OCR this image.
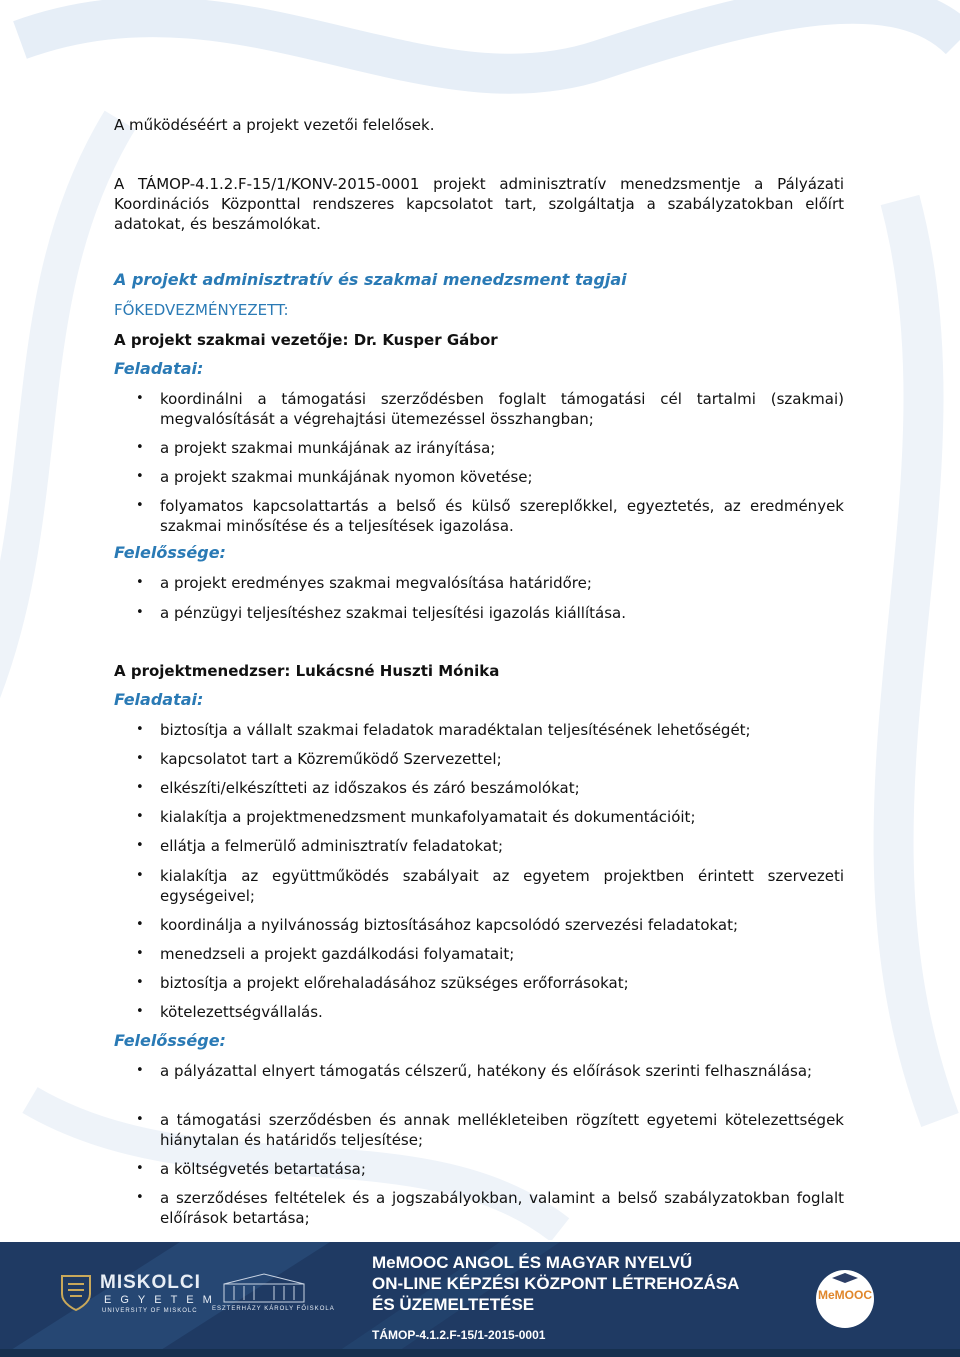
A működéséért a projekt vezetői felelősek.

A TÁMOP-4.1.2.F-15/1/KONV-2015-0001 projekt adminisztratív menedzsmentje a Pályázati Koordinációs Központtal rendszeres kapcsolatot tart, szolgáltatja a szabályzatokban előírt adatokat, és beszámolókat.

A projekt adminisztratív és szakmai menedzsment tagjai

FŐKEDVEZMÉNYEZETT:

A projekt szakmai vezetője: Dr. Kusper Gábor

Feladatai:

• koordinálni a támogatási szerződésben foglalt támogatási cél tartalmi (szakmai) megvalósítását a végrehajtási ütemezéssel összhangban;
• a projekt szakmai munkájának az irányítása;
• a projekt szakmai munkájának nyomon követése;
• folyamatos kapcsolattartás a belső és külső szereplőkkel, egyeztetés, az eredmények szakmai minősítése és a teljesítések igazolása.

Felelőssége:

• a projekt eredményes szakmai megvalósítása határidőre;
• a pénzügyi teljesítéshez szakmai teljesítési igazolás kiállítása.

A projektmenedzser: Lukácsné Huszti Mónika

Feladatai:

• biztosítja a vállalt szakmai feladatok maradéktalan teljesítésének lehetőségét;
• kapcsolatot tart a Közreműködő Szervezettel;
• elkészíti/elkészítteti az időszakos és záró beszámolókat;
• kialakítja a projektmenedzsment munkafolyamatait és dokumentációit;
• ellátja a felmerülő adminisztratív feladatokat;
• kialakítja az együttműködés szabályait az egyetem projektben érintett szervezeti egységeivel;
• koordinálja a nyilvánosság biztosításához kapcsolódó szervezési feladatokat;
• menedzseli a projekt gazdálkodási folyamatait;
• biztosítja a projekt előrehaladásához szükséges erőforrásokat;
• kötelezettségvállalás.

Felelőssége:

• a pályázattal elnyert támogatás célszerű, hatékony és előírások szerinti felhasználása;
• a támogatási szerződésben és annak mellékleteiben rögzített egyetemi kötelezettségek hiánytalan és határidős teljesítése;
• a költségvetés betartatása;
• a szerződéses feltételek és a jogszabályokban, valamint a belső szabályzatokban foglalt előírások betartása;
MISKOLCI
EGYETEM
UNIVERSITY OF MISKOLC ESZTERHÁZY KÁROLY FŐISKOLA
MeMOOC ANGOL ÉS MAGYAR NYELVŰ
ON-LINE KÉPZÉSI KÖZPONT LÉTREHOZÁSA
ÉS ÜZEMELTETÉSE
TÁMOP-4.1.2.F-15/1-2015-0001
MeMOOC
